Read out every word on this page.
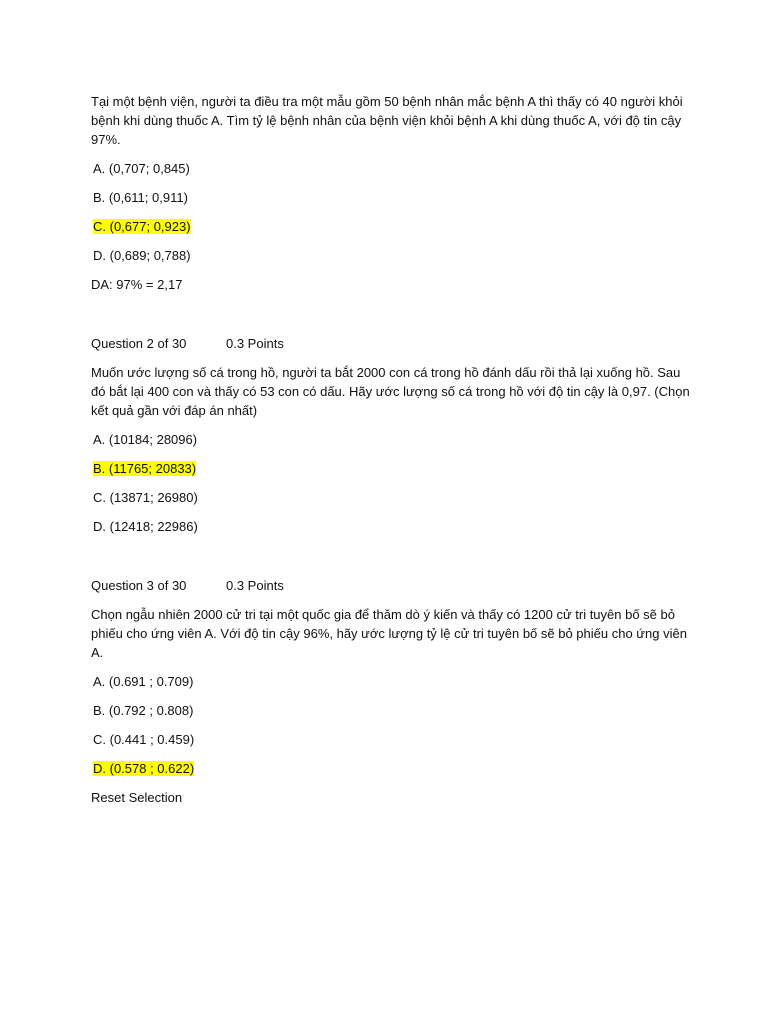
Tại một bệnh viện, người ta điều tra một mẫu gồm 50 bệnh nhân mắc bệnh A thì thấy có 40 người khỏi bệnh khi dùng thuốc A. Tìm tỷ lệ bệnh nhân của bệnh viện khỏi bệnh A khi dùng thuốc A, với độ tin cậy 97%.

A. (0,707; 0,845)
B. (0,611; 0,911)
C. (0,677; 0,923)
D. (0,689; 0,788)

DA: 97% = 2,17

Question 2 of 30	0.3 Points

Muốn ước lượng số cá trong hồ, người ta bắt 2000 con cá trong hồ đánh dấu rồi thả lại xuống hồ. Sau đó bắt lại 400 con và thấy có 53 con có dấu. Hãy ước lượng số cá trong hồ với độ tin cậy là 0,97. (Chọn kết quả gần với đáp án nhất)

A. (10184; 28096)
B. (11765; 20833)
C. (13871; 26980)
D. (12418; 22986)
Question 3 of 30	0.3 Points

Chọn ngẫu nhiên 2000 cử tri tại một quốc gia để thăm dò ý kiến và thấy có 1200 cử tri tuyên bố sẽ bỏ phiếu cho ứng viên A. Với độ tin cậy 96%, hãy ước lượng tỷ lệ cử tri tuyên bố sẽ bỏ phiếu cho ứng viên A.

A. (0.691 ; 0.709)
B. (0.792 ; 0.808)
C. (0.441 ; 0.459)
D. (0.578 ; 0.622)
Reset Selection
